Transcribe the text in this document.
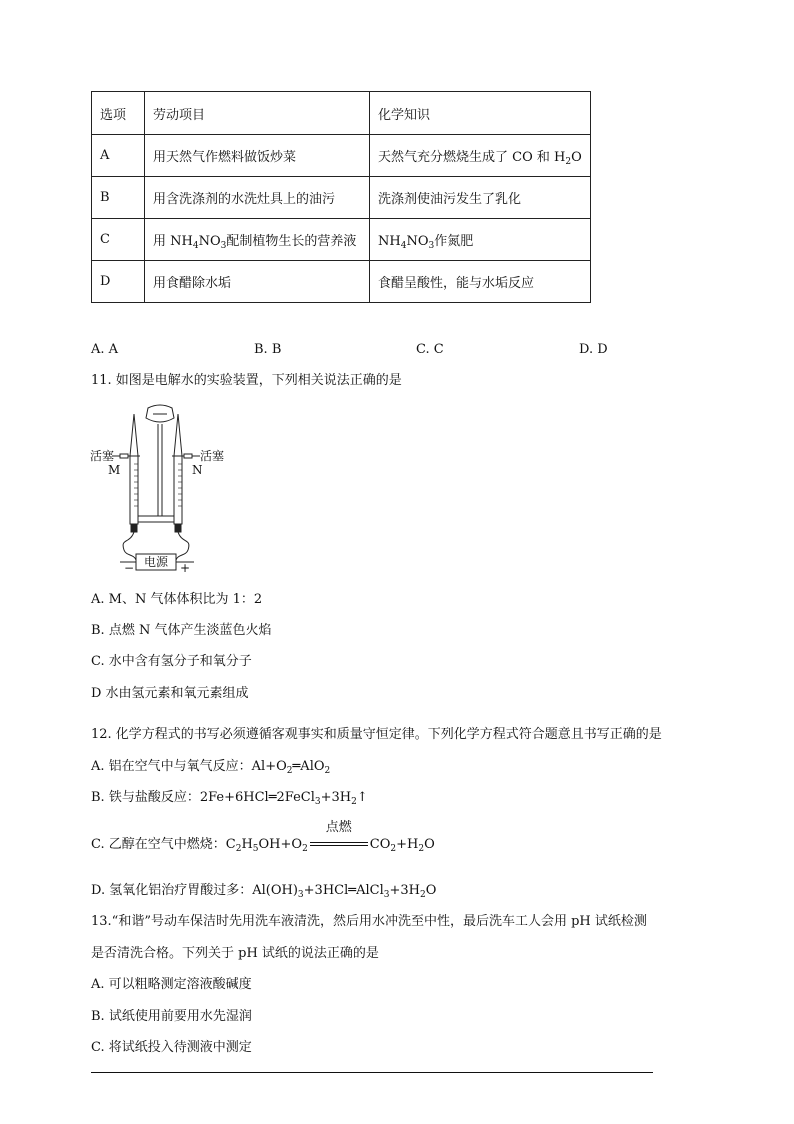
选项	劳动项目	化学知识
A	用天然气作燃料做饭炒菜	天然气充分燃烧生成了 CO 和 $H_2O$
B	用含洗涤剂的水洗灶具上的油污	洗涤剂使油污发生了乳化
C	用 $NH_4NO_3$配制植物生长的营养液	$NH_4NO_3$作氮肥
D	用食醋除水垢	食醋呈酸性，能与水垢反应
A. A	B. B	C. C	D. D
11. 如图是电解水的实验装置，下列相关说法正确的是
活塞	活塞
M	N
电源
−	+
A. M、N 气体体积比为 1：2
B. 点燃 N 气体产生淡蓝色火焰
C. 水中含有氢分子和氧分子
D 水由氢元素和氧元素组成
12. 化学方程式的书写必须遵循客观事实和质量守恒定律。下列化学方程式符合题意且书写正确的是
A. 铝在空气中与氧气反应：$Al+O_2═AlO_2$
B. 铁与盐酸反应：$2Fe+6HCl═2FeCl_3+3H_2↑$
C. 乙醇在空气中燃烧：$C_2H_5OH+O_2$
点燃
$CO_2+H_2O$
D. 氢氧化铝治疗胃酸过多：$Al(OH)_3+3HCl═AlCl_3+3H_2O$
13.“和谐”号动车保洁时先用洗车液清洗，然后用水冲洗至中性，最后洗车工人会用 pH 试纸检测
是否清洗合格。下列关于 pH 试纸的说法正确的是
A. 可以粗略测定溶液酸碱度
B. 试纸使用前要用水先湿润
C. 将试纸投入待测液中测定
